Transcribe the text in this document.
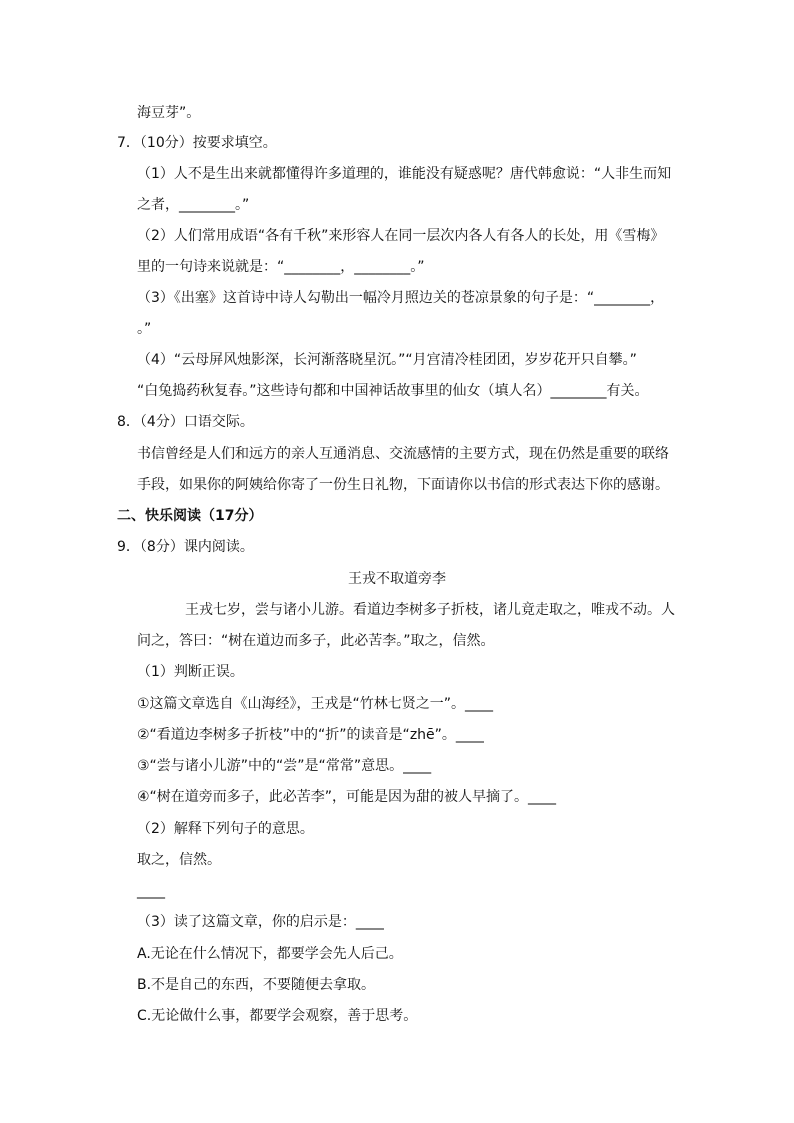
海豆芽”。
7．（10分）按要求填空。
（1）人不是生出来就都懂得许多道理的，谁能没有疑惑呢？唐代韩愈说：“人非生而知
之者，________。”
（2）人们常用成语“各有千秋”来形容人在同一层次内各人有各人的长处，用《雪梅》
里的一句诗来说就是：“________，________。”
（3）《出塞》这首诗中诗人勾勒出一幅冷月照边关的苍凉景象的句子是：“________，
。”
（4）“云母屏风烛影深，长河渐落晓星沉。”“月宫清冷桂团团，岁岁花开只自攀。”
“白兔捣药秋复春。”这些诗句都和中国神话故事里的仙女（填人名）________有关。
8．（4分）口语交际。
书信曾经是人们和远方的亲人互通消息、交流感情的主要方式，现在仍然是重要的联络
手段，如果你的阿姨给你寄了一份生日礼物，下面请你以书信的形式表达下你的感谢。
二、快乐阅读（17分）
9．（8分）课内阅读。
王戎不取道旁李
王戎七岁，尝与诸小儿游。看道边李树多子折枝，诸儿竟走取之，唯戎不动。人
问之，答曰：“树在道边而多子，此必苦李。”取之，信然。
（1）判断正误。
①这篇文章选自《山海经》，王戎是“竹林七贤之一”。____
②“看道边李树多子折枝”中的“折”的读音是“zhē”。____
③“尝与诸小儿游”中的“尝”是“常常”意思。____
④“树在道旁而多子，此必苦李”，可能是因为甜的被人早摘了。____
（2）解释下列句子的意思。
取之，信然。
____
（3）读了这篇文章，你的启示是：____
A.无论在什么情况下，都要学会先人后己。
B.不是自己的东西，不要随便去拿取。
C.无论做什么事，都要学会观察，善于思考。
